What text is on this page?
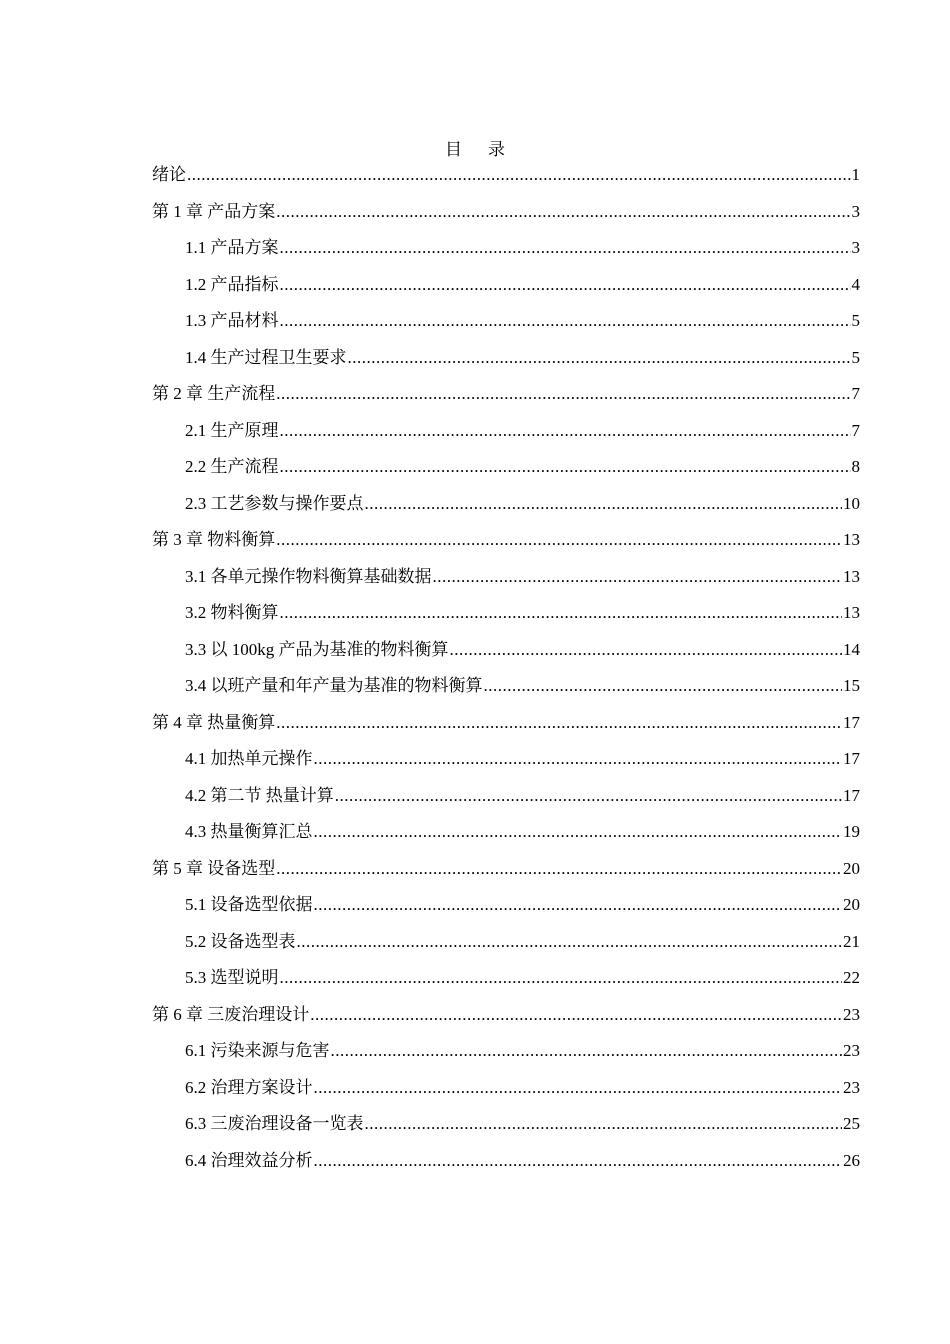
目 录
绪论 .....	1
第 1 章 产品方案 .....	3
1.1 产品方案 .....	3
1.2 产品指标 .....	4
1.3 产品材料 .....	5
1.4 生产过程卫生要求 .....	5
第 2 章 生产流程 .....	7
2.1 生产原理 .....	7
2.2 生产流程 .....	8
2.3 工艺参数与操作要点 .....	10
第 3 章 物料衡算 .....	13
3.1 各单元操作物料衡算基础数据 .....	13
3.2 物料衡算 .....	13
3.3 以 100kg 产品为基准的物料衡算 .....	14
3.4 以班产量和年产量为基准的物料衡算 .....	15
第 4 章 热量衡算 .....	17
4.1 加热单元操作 .....	17
4.2 第二节 热量计算 .....	17
4.3 热量衡算汇总 .....	19
第 5 章 设备选型 .....	20
5.1 设备选型依据 .....	20
5.2 设备选型表 .....	21
5.3 选型说明 .....	22
第 6 章 三废治理设计 .....	23
6.1 污染来源与危害 .....	23
6.2 治理方案设计 .....	23
6.3 三废治理设备一览表 .....	25
6.4 治理效益分析 .....	26
